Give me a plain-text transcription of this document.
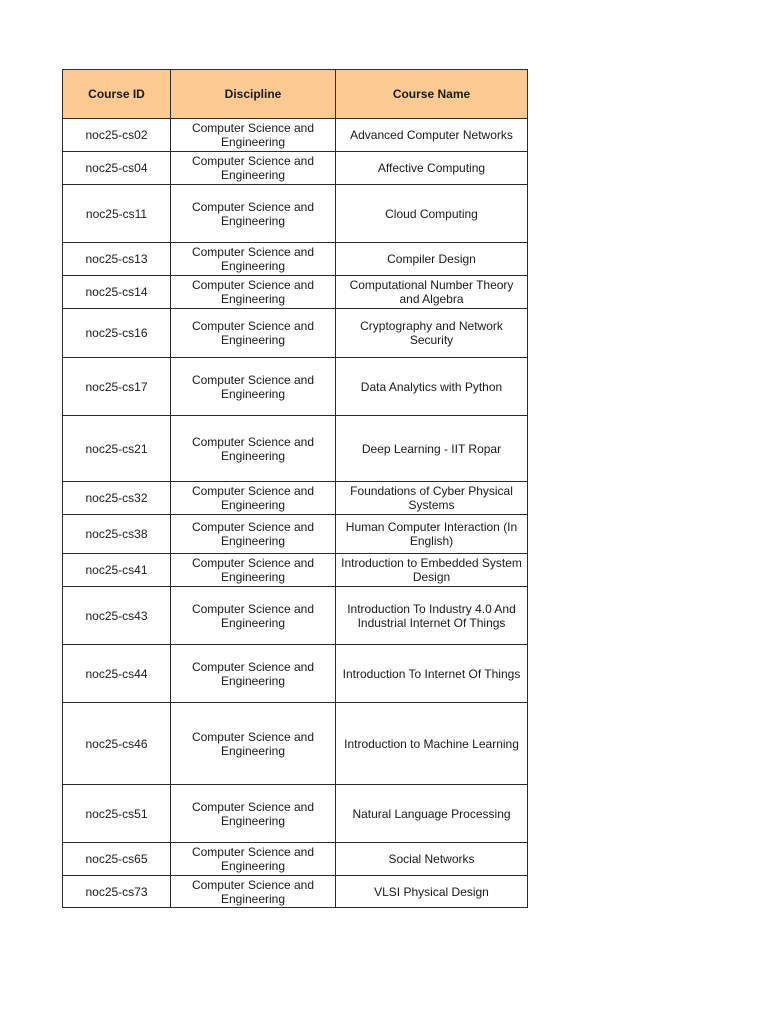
Course ID	Discipline	Course Name
noc25-cs02	Computer Science and Engineering	Advanced Computer Networks
noc25-cs04	Computer Science and Engineering	Affective Computing
noc25-cs11	Computer Science and Engineering	Cloud Computing
noc25-cs13	Computer Science and Engineering	Compiler Design
noc25-cs14	Computer Science and Engineering	Computational Number Theory and Algebra
noc25-cs16	Computer Science and Engineering	Cryptography and Network Security
noc25-cs17	Computer Science and Engineering	Data Analytics with Python
noc25-cs21	Computer Science and Engineering	Deep Learning - IIT Ropar
noc25-cs32	Computer Science and Engineering	Foundations of Cyber Physical Systems
noc25-cs38	Computer Science and Engineering	Human Computer Interaction (In English)
noc25-cs41	Computer Science and Engineering	Introduction to Embedded System Design
noc25-cs43	Computer Science and Engineering	Introduction To Industry 4.0 And Industrial Internet Of Things
noc25-cs44	Computer Science and Engineering	Introduction To Internet Of Things
noc25-cs46	Computer Science and Engineering	Introduction to Machine Learning
noc25-cs51	Computer Science and Engineering	Natural Language Processing
noc25-cs65	Computer Science and Engineering	Social Networks
noc25-cs73	Computer Science and Engineering	VLSI Physical Design
